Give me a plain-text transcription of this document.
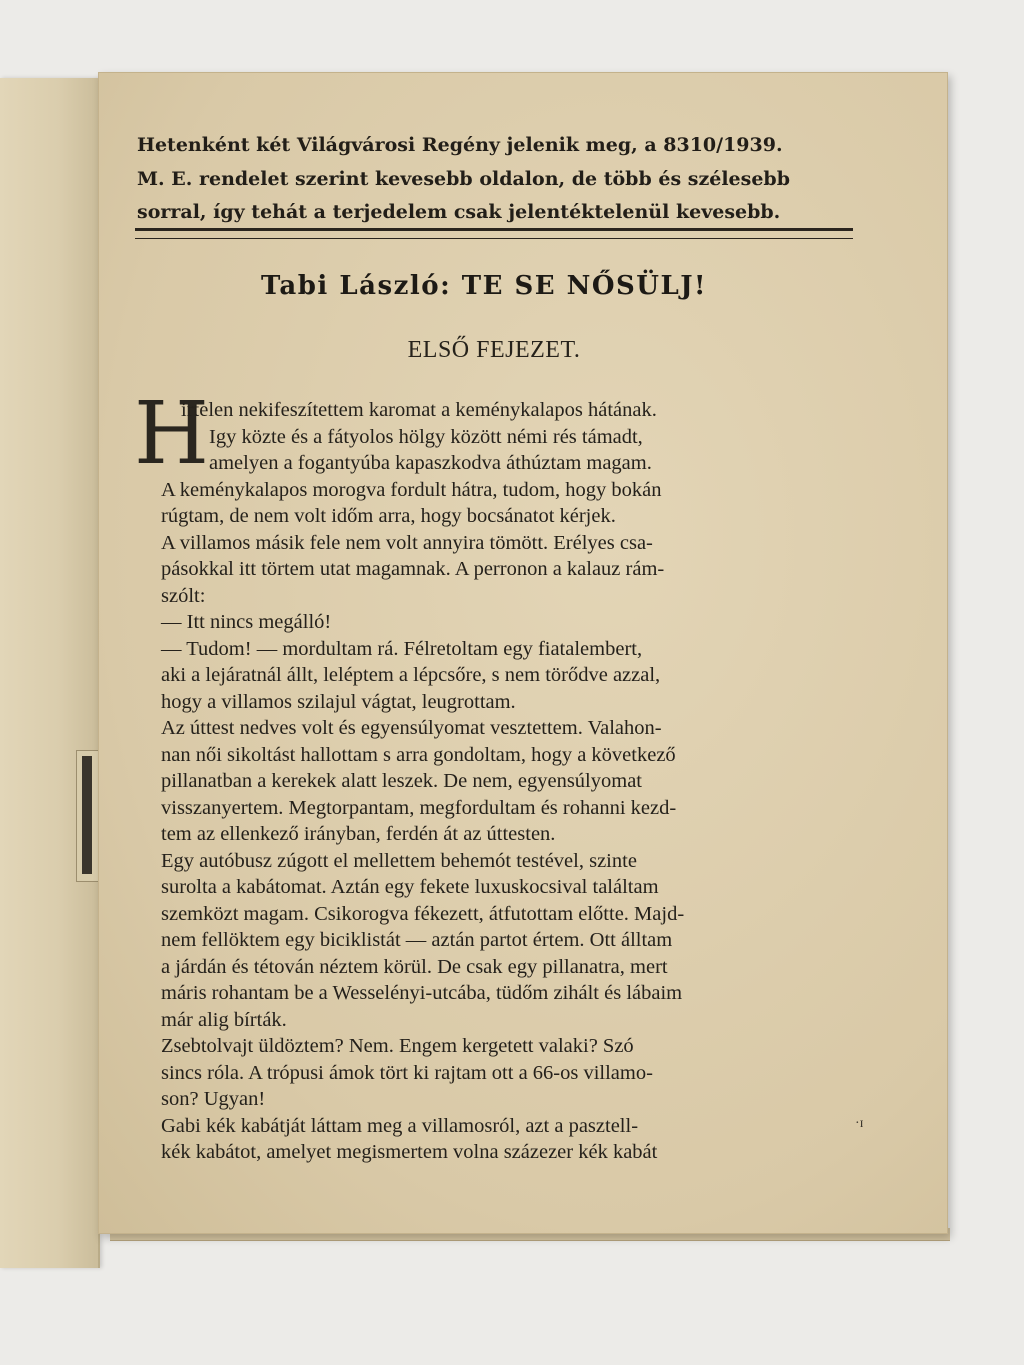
Hetenként két Világvárosi Regény jelenik meg, a 8310/1939.
M. E. rendelet szerint kevesebb oldalon, de több és szélesebb
sorral, így tehát a terjedelem csak jelentéktelenül kevesebb.
Tabi László: TE SE NŐSÜLJ!
ELSŐ FEJEZET.
H
irtelen nekifeszítettem karomat a keménykalapos hátának.
Igy közte és a fátyolos hölgy között némi rés támadt,
amelyen a fogantyúba kapaszkodva áthúztam magam.
A keménykalapos morogva fordult hátra, tudom, hogy bokán
rúgtam, de nem volt időm arra, hogy bocsánatot kérjek.
A villamos másik fele nem volt annyira tömött. Erélyes csa-
pásokkal itt törtem utat magamnak. A perronon a kalauz rám-
szólt:
— Itt nincs megálló!
— Tudom! — mordultam rá. Félretoltam egy fiatalembert,
aki a lejáratnál állt, leléptem a lépcsőre, s nem törődve azzal,
hogy a villamos szilajul vágtat, leugrottam.
Az úttest nedves volt és egyensúlyomat vesztettem. Valahon-
nan női sikoltást hallottam s arra gondoltam, hogy a következő
pillanatban a kerekek alatt leszek. De nem, egyensúlyomat
visszanyertem. Megtorpantam, megfordultam és rohanni kezd-
tem az ellenkező irányban, ferdén át az úttesten.
Egy autóbusz zúgott el mellettem behemót testével, szinte
surolta a kabátomat. Aztán egy fekete luxuskocsival találtam
szemközt magam. Csikorogva fékezett, átfutottam előtte. Majd-
nem fellöktem egy biciklistát — aztán partot értem. Ott álltam
a járdán és tétován néztem körül. De csak egy pillanatra, mert
máris rohantam be a Wesselényi-utcába, tüdőm zihált és lábaim
már alig bírták.
Zsebtolvajt üldöztem? Nem. Engem kergetett valaki? Szó
sincs róla. A trópusi ámok tört ki rajtam ott a 66-os villamo-
son? Ugyan!
Gabi kék kabátját láttam meg a villamosról, azt a pasztell-
kék kabátot, amelyet megismertem volna százezer kék kabát
·ɪ
